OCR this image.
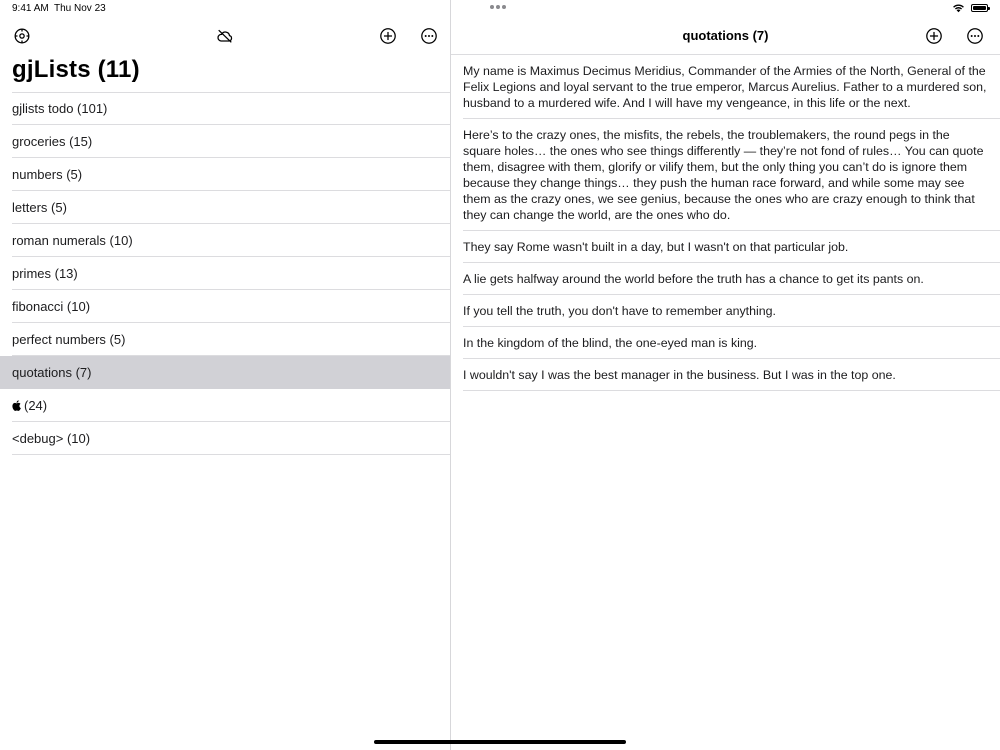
9:41 AM Thu Nov 23
gjLists (11)
gjlists todo (101)
groceries (15)
numbers (5)
letters (5)
roman numerals (10)
primes (13)
fibonacci (10)
perfect numbers (5)
quotations (7)
(24)
<debug> (10)
quotations (7)
My name is Maximus Decimus Meridius, Commander of the Armies of the North, General of the Felix Legions and loyal servant to the true emperor, Marcus Aurelius. Father to a murdered son, husband to a murdered wife. And I will have my vengeance, in this life or the next.
Here’s to the crazy ones, the misfits, the rebels, the troublemakers, the round pegs in the square holes… the ones who see things differently — they’re not fond of rules… You can quote them, disagree with them, glorify or vilify them, but the only thing you can’t do is ignore them because they change things… they push the human race forward, and while some may see them as the crazy ones, we see genius, because the ones who are crazy enough to think that they can change the world, are the ones who do.
They say Rome wasn't built in a day, but I wasn't on that particular job.
A lie gets halfway around the world before the truth has a chance to get its pants on.
If you tell the truth, you don't have to remember anything.
In the kingdom of the blind, the one-eyed man is king.
I wouldn't say I was the best manager in the business. But I was in the top one.
